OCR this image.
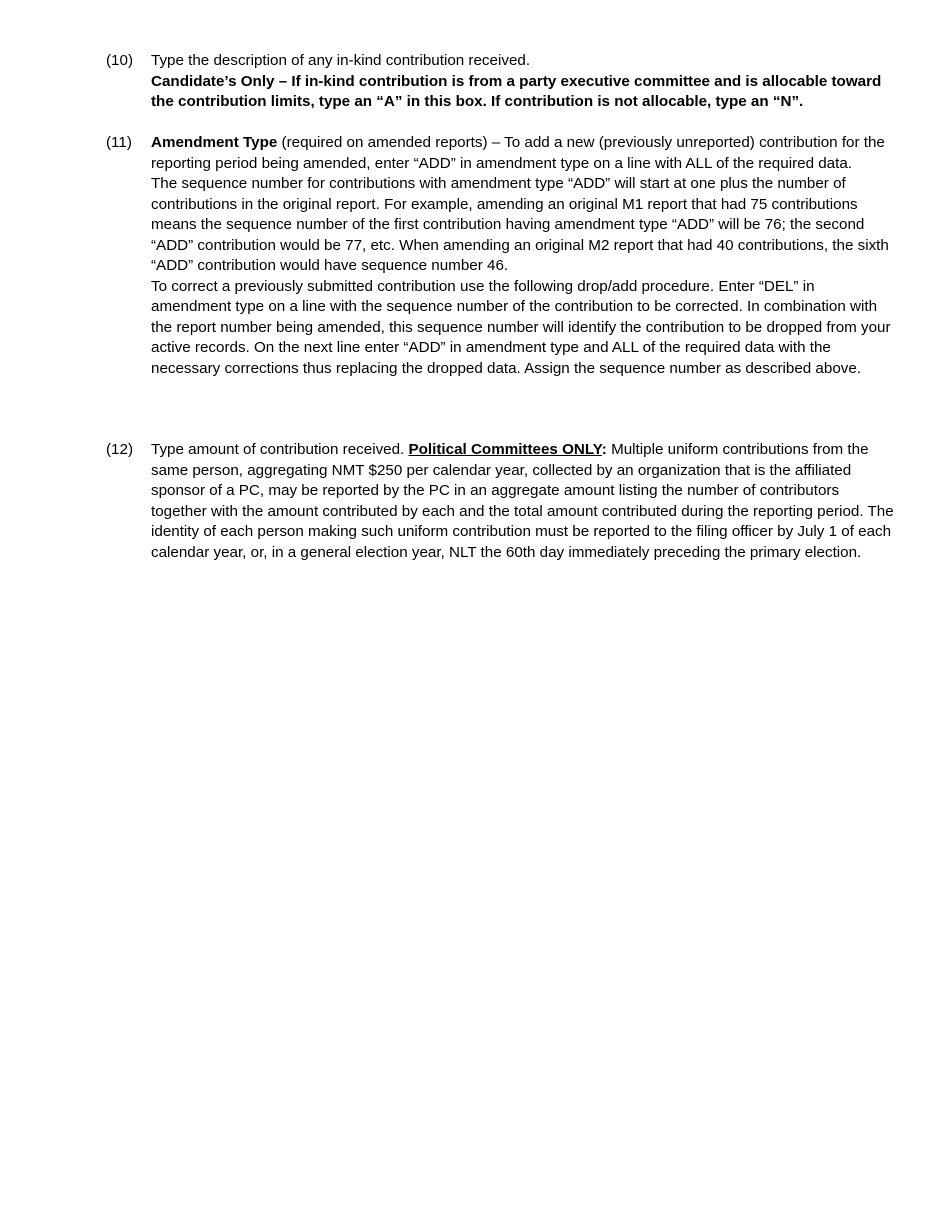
(10)	Type the description of any in-kind contribution received.

Candidate’s Only – If in-kind contribution is from a party executive committee and is allocable toward the contribution limits, type an “A” in this box. If contribution is not allocable, type an “N”.

(11)	Amendment Type (required on amended reports) – To add a new (previously unreported) contribution for the reporting period being amended, enter “ADD” in amendment type on a line with ALL of the required data.

The sequence number for contributions with amendment type “ADD” will start at one plus the number of contributions in the original report. For example, amending an original M1 report that had 75 contributions means the sequence number of the first contribution having amendment type “ADD” will be 76; the second “ADD” contribution would be 77, etc. When amending an original M2 report that had 40 contributions, the sixth “ADD” contribution would have sequence number 46.

To correct a previously submitted contribution use the following drop/add procedure. Enter “DEL” in amendment type on a line with the sequence number of the contribution to be corrected. In combination with the report number being amended, this sequence number will identify the contribution to be dropped from your active records. On the next line enter “ADD” in amendment type and ALL of the required data with the necessary corrections thus replacing the dropped data. Assign the sequence number as described above.

(12)	Type amount of contribution received. Political Committees ONLY: Multiple uniform contributions from the same person, aggregating NMT $250 per calendar year, collected by an organization that is the affiliated sponsor of a PC, may be reported by the PC in an aggregate amount listing the number of contributors together with the amount contributed by each and the total amount contributed during the reporting period. The identity of each person making such uniform contribution must be reported to the filing officer by July 1 of each calendar year, or, in a general election year, NLT the 60th day immediately preceding the primary election.
